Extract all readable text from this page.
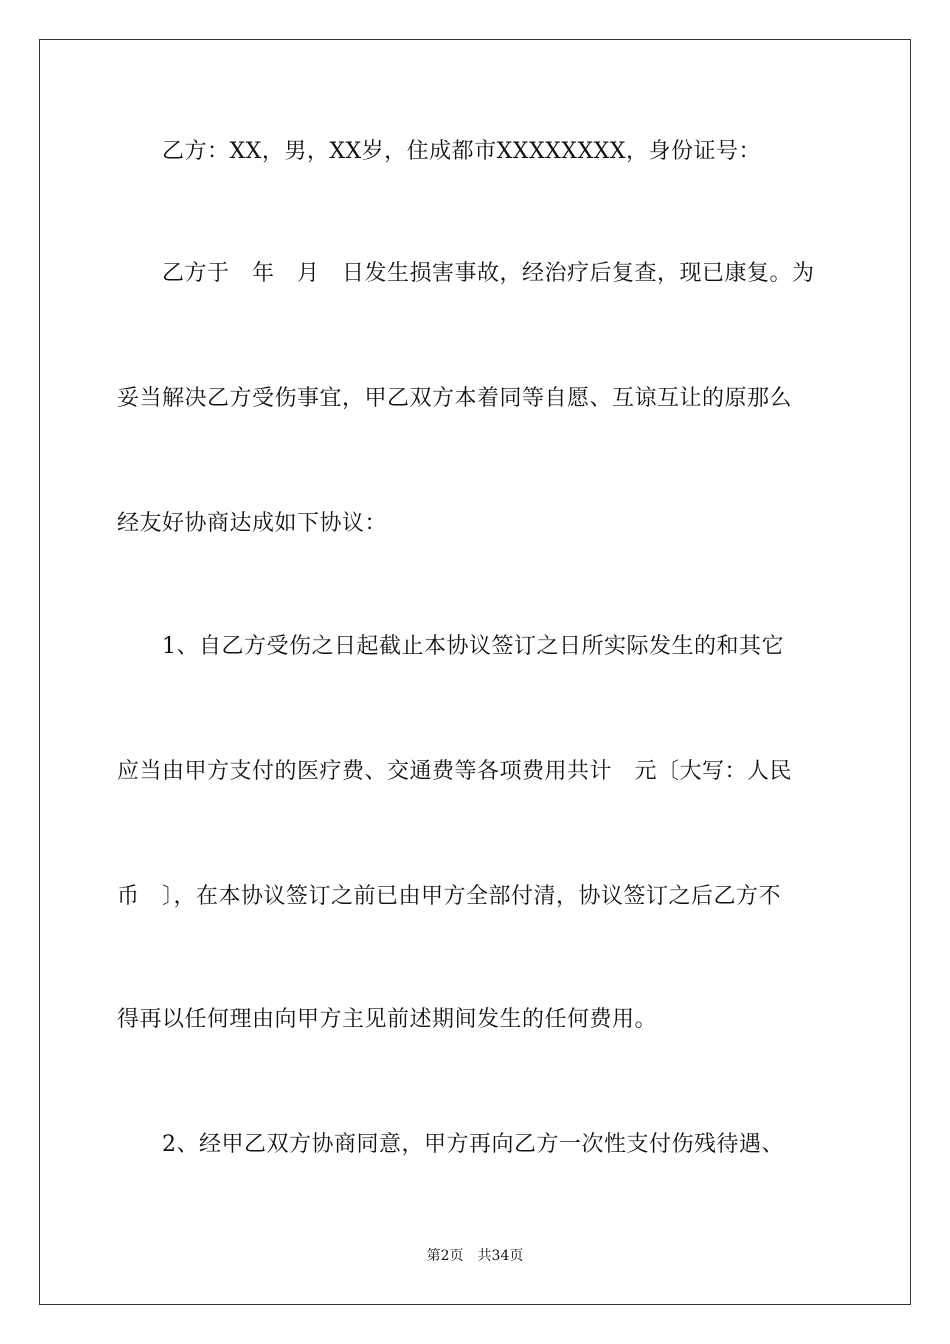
　　乙方：XX，男，XX岁，住成都市XXXXXXXX，身份证号：
　　乙方于　年　月　日发生损害事故，经治疗后复查，现已康复。为
妥当解决乙方受伤事宜，甲乙双方本着同等自愿、互谅互让的原那么
经友好协商达成如下协议：
　　1、自乙方受伤之日起截止本协议签订之日所实际发生的和其它
应当由甲方支付的医疗费、交通费等各项费用共计　元〔大写：人民
币　〕，在本协议签订之前已由甲方全部付清，协议签订之后乙方不
得再以任何理由向甲方主见前述期间发生的任何费用。
　　2、经甲乙双方协商同意，甲方再向乙方一次性支付伤残待遇、
第2页 共34页
